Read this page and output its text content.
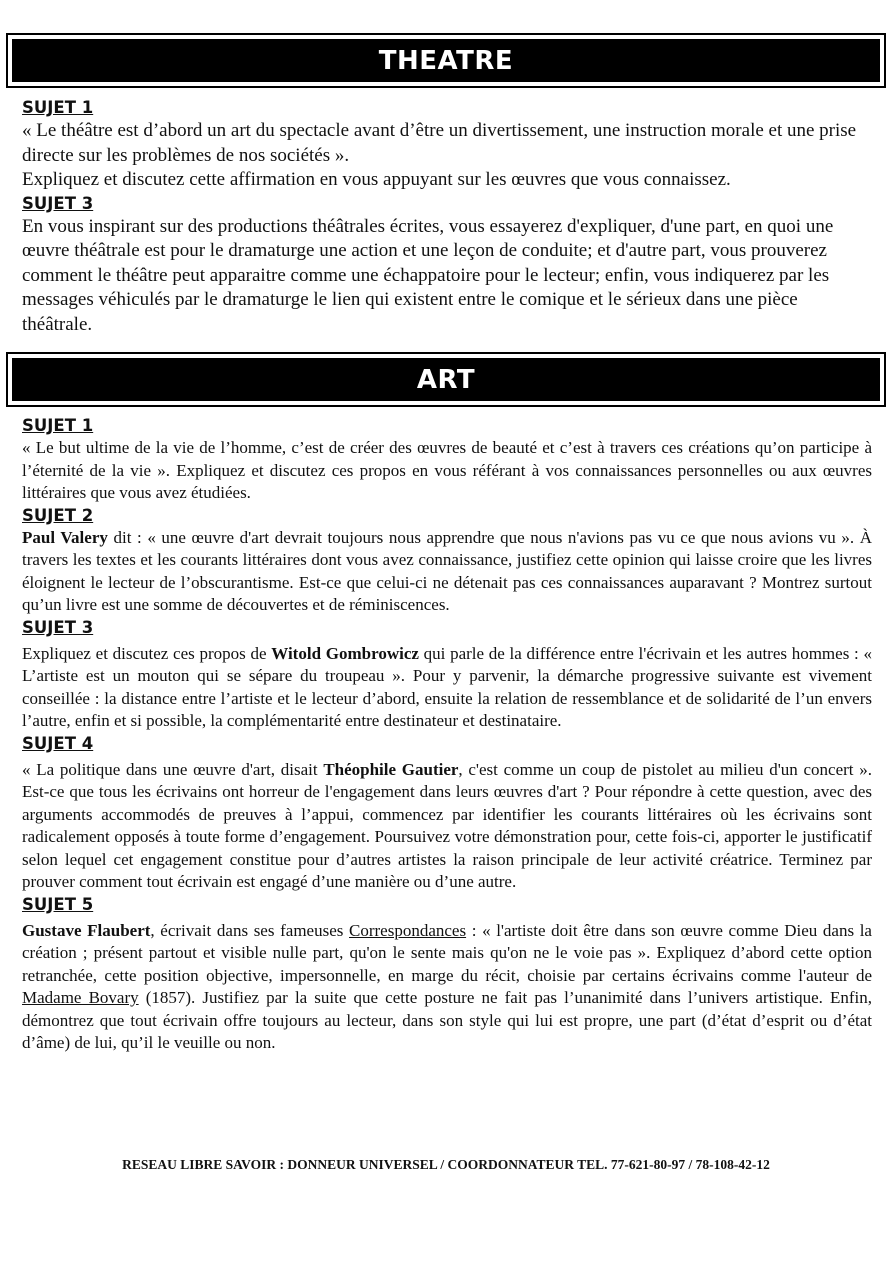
THEATRE

SUJET 1

« Le théâtre est d’abord un art du spectacle avant d’être un divertissement, une instruction morale et une prise directe sur les problèmes de nos sociétés ».

Expliquez et discutez cette affirmation en vous appuyant sur les œuvres que vous connaissez.

SUJET 3

En vous inspirant sur des productions théâtrales écrites, vous essayerez d'expliquer, d'une part, en quoi une œuvre théâtrale est pour le dramaturge une action et une leçon de conduite; et d'autre part, vous prouverez comment le théâtre peut apparaitre comme une échappatoire pour le lecteur; enfin, vous indiquerez par les messages véhiculés par le dramaturge le lien qui existent entre le comique et le sérieux dans une pièce théâtrale.

ART

SUJET 1

« Le but ultime de la vie de l’homme, c’est de créer des œuvres de beauté et c’est à travers ces créations qu’on participe à l’éternité de la vie ». Expliquez et discutez ces propos en vous référant à vos connaissances personnelles ou aux œuvres littéraires que vous avez étudiées.

SUJET 2

Paul Valery dit : « une œuvre d'art devrait toujours nous apprendre que nous n'avions pas vu ce que nous avions vu ». À travers les textes et les courants littéraires dont vous avez connaissance, justifiez cette opinion qui laisse croire que les livres éloignent le lecteur de l’obscurantisme. Est-ce que celui-ci ne détenait pas ces connaissances auparavant ? Montrez surtout qu’un livre est une somme de découvertes et de réminiscences.

SUJET 3

Expliquez et discutez ces propos de Witold Gombrowicz qui parle de la différence entre l'écrivain et les autres hommes : « L’artiste est un mouton qui se sépare du troupeau ». Pour y parvenir, la démarche progressive suivante est vivement conseillée : la distance entre l’artiste et le lecteur d’abord, ensuite la relation de ressemblance et de solidarité de l’un envers l’autre, enfin et si possible, la complémentarité entre destinateur et destinataire.

SUJET 4

« La politique dans une œuvre d'art, disait Théophile Gautier, c'est comme un coup de pistolet au milieu d'un concert ». Est-ce que tous les écrivains ont horreur de l'engagement dans leurs œuvres d'art ? Pour répondre à cette question, avec des arguments accommodés de preuves à l’appui, commencez par identifier les courants littéraires où les écrivains sont radicalement opposés à toute forme d’engagement. Poursuivez votre démonstration pour, cette fois-ci, apporter le justificatif selon lequel cet engagement constitue pour d’autres artistes la raison principale de leur activité créatrice. Terminez par prouver comment tout écrivain est engagé d’une manière ou d’une autre.

SUJET 5

Gustave Flaubert, écrivait dans ses fameuses Correspondances : « l'artiste doit être dans son œuvre comme Dieu dans la création ; présent partout et visible nulle part, qu'on le sente mais qu'on ne le voie pas ». Expliquez d’abord cette option retranchée, cette position objective, impersonnelle, en marge du récit, choisie par certains écrivains comme l'auteur de Madame Bovary (1857). Justifiez par la suite que cette posture ne fait pas l’unanimité dans l’univers artistique. Enfin, démontrez que tout écrivain offre toujours au lecteur, dans son style qui lui est propre, une part (d’état d’esprit ou d’état d’âme) de lui, qu’il le veuille ou non.

RESEAU LIBRE SAVOIR : DONNEUR UNIVERSEL / COORDONNATEUR TEL. 77-621-80-97 / 78-108-42-12
